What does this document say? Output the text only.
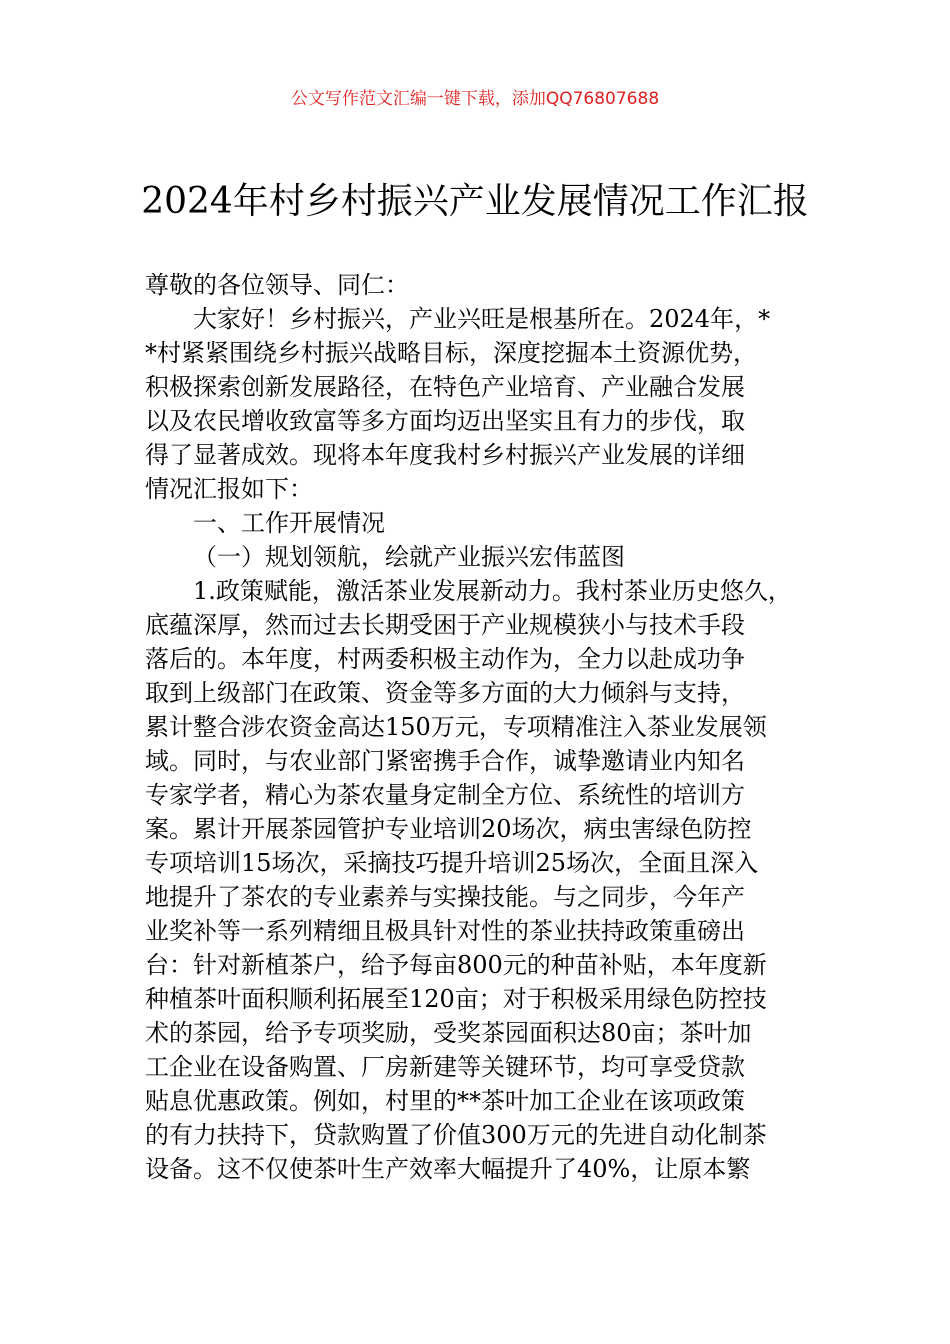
公文写作范文汇编一键下载，添加QQ76807688
2024年村乡村振兴产业发展情况工作汇报
尊敬的各位领导、同仁：
大家好！乡村振兴，产业兴旺是根基所在。2024年，*
*村紧紧围绕乡村振兴战略目标，深度挖掘本土资源优势，
积极探索创新发展路径，在特色产业培育、产业融合发展
以及农民增收致富等多方面均迈出坚实且有力的步伐，取
得了显著成效。现将本年度我村乡村振兴产业发展的详细
情况汇报如下：
一、工作开展情况
（一）规划领航，绘就产业振兴宏伟蓝图
1.政策赋能，激活茶业发展新动力。我村茶业历史悠久，
底蕴深厚，然而过去长期受困于产业规模狭小与技术手段
落后的。本年度，村两委积极主动作为，全力以赴成功争
取到上级部门在政策、资金等多方面的大力倾斜与支持，
累计整合涉农资金高达150万元，专项精准注入茶业发展领
域。同时，与农业部门紧密携手合作，诚挚邀请业内知名
专家学者，精心为茶农量身定制全方位、系统性的培训方
案。累计开展茶园管护专业培训20场次，病虫害绿色防控
专项培训15场次，采摘技巧提升培训25场次，全面且深入
地提升了茶农的专业素养与实操技能。与之同步，今年产
业奖补等一系列精细且极具针对性的茶业扶持政策重磅出
台：针对新植茶户，给予每亩800元的种苗补贴，本年度新
种植茶叶面积顺利拓展至120亩；对于积极采用绿色防控技
术的茶园，给予专项奖励，受奖茶园面积达80亩；茶叶加
工企业在设备购置、厂房新建等关键环节，均可享受贷款
贴息优惠政策。例如，村里的**茶叶加工企业在该项政策
的有力扶持下，贷款购置了价值300万元的先进自动化制茶
设备。这不仅使茶叶生产效率大幅提升了40%，让原本繁
